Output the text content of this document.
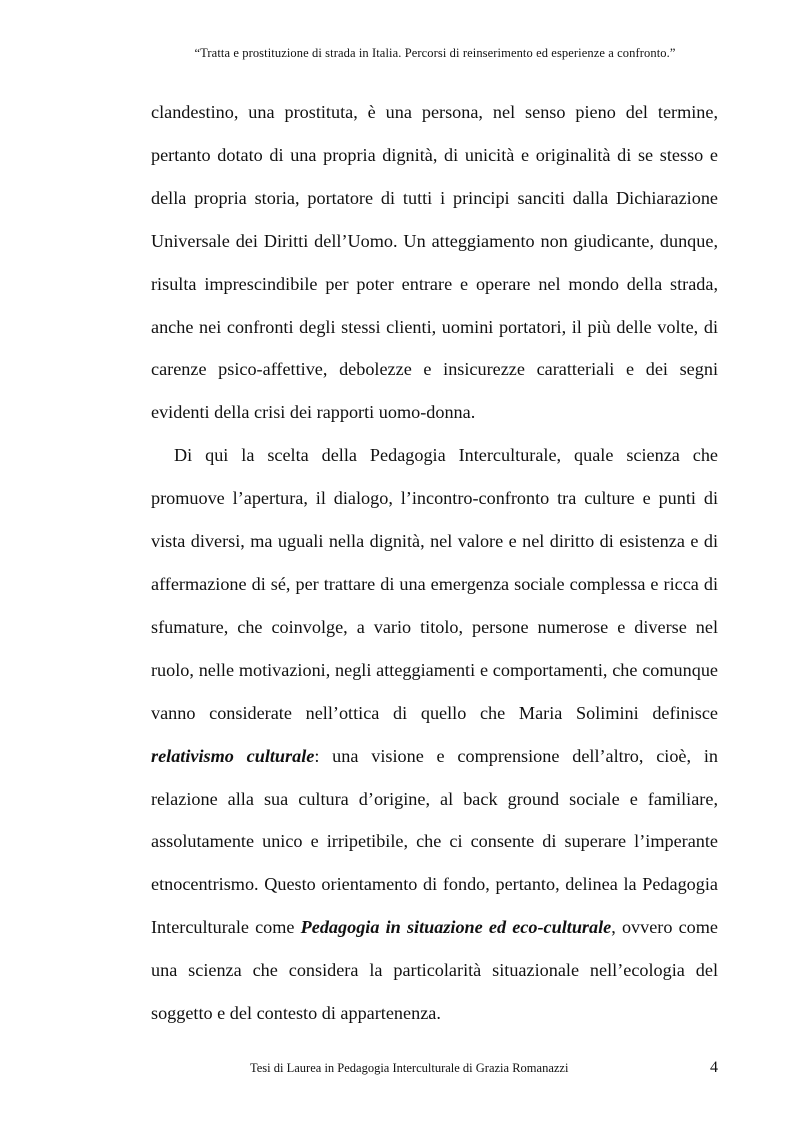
“Tratta e prostituzione di strada in Italia. Percorsi di reinserimento ed esperienze a confronto.”

clandestino, una prostituta, è una persona, nel senso pieno del termine, pertanto dotato di una propria dignità, di unicità e originalità di se stesso e della propria storia, portatore di tutti i principi sanciti dalla Dichiarazione Universale dei Diritti dell’Uomo. Un atteggiamento non giudicante, dunque, risulta imprescindibile per poter entrare e operare nel mondo della strada, anche nei confronti degli stessi clienti, uomini portatori, il più delle volte, di carenze psico-affettive, debolezze e insicurezze caratteriali e dei segni evidenti della crisi dei rapporti uomo-donna.

Di qui la scelta della Pedagogia Interculturale, quale scienza che promuove l’apertura, il dialogo, l’incontro-confronto tra culture e punti di vista diversi, ma uguali nella dignità, nel valore e nel diritto di esistenza e di affermazione di sé, per trattare di una emergenza sociale complessa e ricca di sfumature, che coinvolge, a vario titolo, persone numerose e diverse nel ruolo, nelle motivazioni, negli atteggiamenti e comportamenti, che comunque vanno considerate nell’ottica di quello che Maria Solimini definisce relativismo culturale: una visione e comprensione dell’altro, cioè, in relazione alla sua cultura d’origine, al back ground sociale e familiare, assolutamente unico e irripetibile, che ci consente di superare l’imperante etnocentrismo. Questo orientamento di fondo, pertanto, delinea la Pedagogia Interculturale come Pedagogia in situazione ed eco-culturale, ovvero come una scienza che considera la particolarità situazionale nell’ecologia del soggetto e del contesto di appartenenza.

Tesi di Laurea in Pedagogia Interculturale di Grazia Romanazzi	4
